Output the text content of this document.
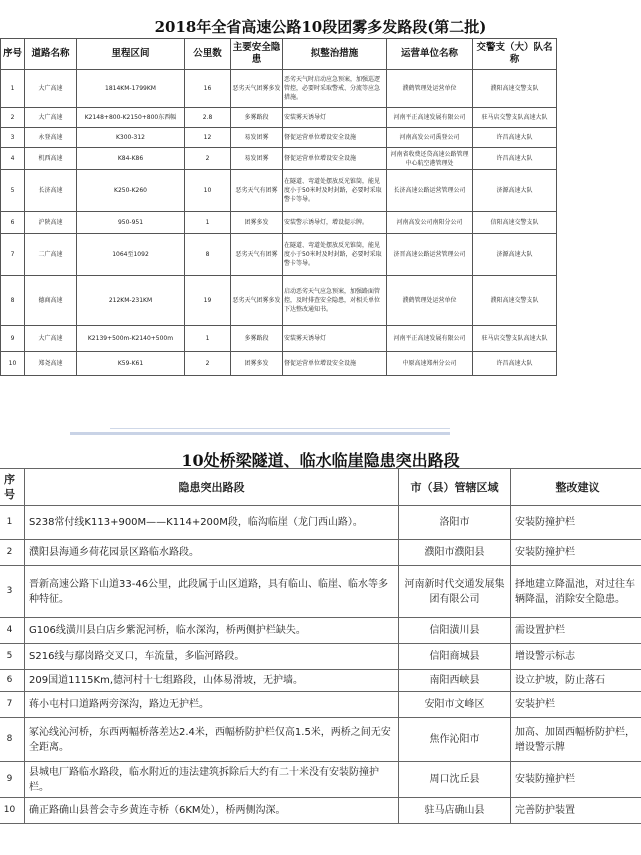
2018年全省高速公路10段团雾多发路段(第二批)
序号	道路名称	里程区间	公里数	主要安全隐患	拟整治措施	运营单位名称	交警支（大）队名称	
1	大广高速	1814KM-1799KM	16	恶劣天气团雾多发	恶劣天气时启动应急预案，加强巡逻管控，必要时采取警戒、分流等应急措施。	濮鹤管理处运营单位	濮阳高速交警支队	
2	大广高速	K2148+800-K2150+800东西幅	2.8	多雾路段	安装雾天诱导灯	河南平正高速发展有限公司	驻马店交警支队高速大队	
3	永登高速	K300-312	12	易发团雾	督促运营单位增设安全设施	河南高发公司禹登公司	许昌高速大队	
4	机西高速	K84-K86	2	易发团雾	督促运营单位增设安全设施	河南省收费还贷高速公路管理中心航空港管理处	许昌高速大队	
5	长济高速	K250-K260	10	恶劣天气有团雾	在隧道、弯道处摆放反光锥筒，能见度小于50米时及时封路，必要时采取警卡等导。	长济高速公路运营管理公司	济源高速大队	
6	沪陕高速	950-951	1	团雾多发	安装警示诱导灯，增设提示牌。	河南高发公司南阳分公司	信阳高速交警支队	
7	二广高速	1064至1092	8	恶劣天气有团雾	在隧道、弯道处摆放反光锥筒，能见度小于50米时及时封路，必要时采取警卡等导。	济晋高速公路运营管理公司	济源高速大队	
8	德商高速	212KM-231KM	19	恶劣天气团雾多发	启动恶劣天气应急预案，加强路面管控，及时排查安全隐患，对相关单位下达整改通知书。	濮鹤管理处运营单位	濮阳高速交警支队	
9	大广高速	K2139+500m-K2140+500m	1	多雾路段	安装雾天诱导灯	河南平正高速发展有限公司	驻马店交警支队高速大队	
10	郑尧高速	K59-K61	2	团雾多发	督促运营单位增设安全设施	中原高速郑州分公司	许昌高速大队	
10处桥梁隧道、临水临崖隐患突出路段
序号	隐患突出路段	市（县）管辖区域	整改建议
1	S238常付线K113+900M——K114+200M段，临沟临崖（龙门西山路）。	洛阳市	安装防撞护栏
2	濮阳县海通乡荷花园景区路临水路段。	濮阳市濮阳县	安装防撞护栏
3	晋新高速公路下山道33-46公里，此段属于山区道路，具有临山、临崖、临水等多种特征。	河南新时代交通发展集团有限公司	择地建立降温池，对过往车辆降温，消除安全隐患。
4	G106线潢川县白店乡紫泥河桥，临水深沟，桥两侧护栏缺失。	信阳潢川县	需设置护栏
5	S216线与鄢岗路交叉口，车流量，多临河路段。	信阳商城县	增设警示标志
6	209国道1115Km,德河村十七组路段，山体易滑坡，无护墙。	南阳西峡县	设立护坡，防止落石
7	蒋小屯村口道路两旁深沟，路边无护栏。	安阳市文峰区	安装护栏
8	冢沁线沁河桥，东西两幅桥落差达2.4米，西幅桥防护栏仅高1.5米，两桥之间无安全距离。	焦作沁阳市	加高、加固西幅桥防护栏，增设警示牌
9	县城电厂路临水路段，临水附近的违法建筑拆除后大约有二十米没有安装防撞护栏。	周口沈丘县	安装防撞护栏
10	确正路确山县普会寺乡黄连寺桥（6KM处），桥两侧沟深。	驻马店确山县	完善防护装置
